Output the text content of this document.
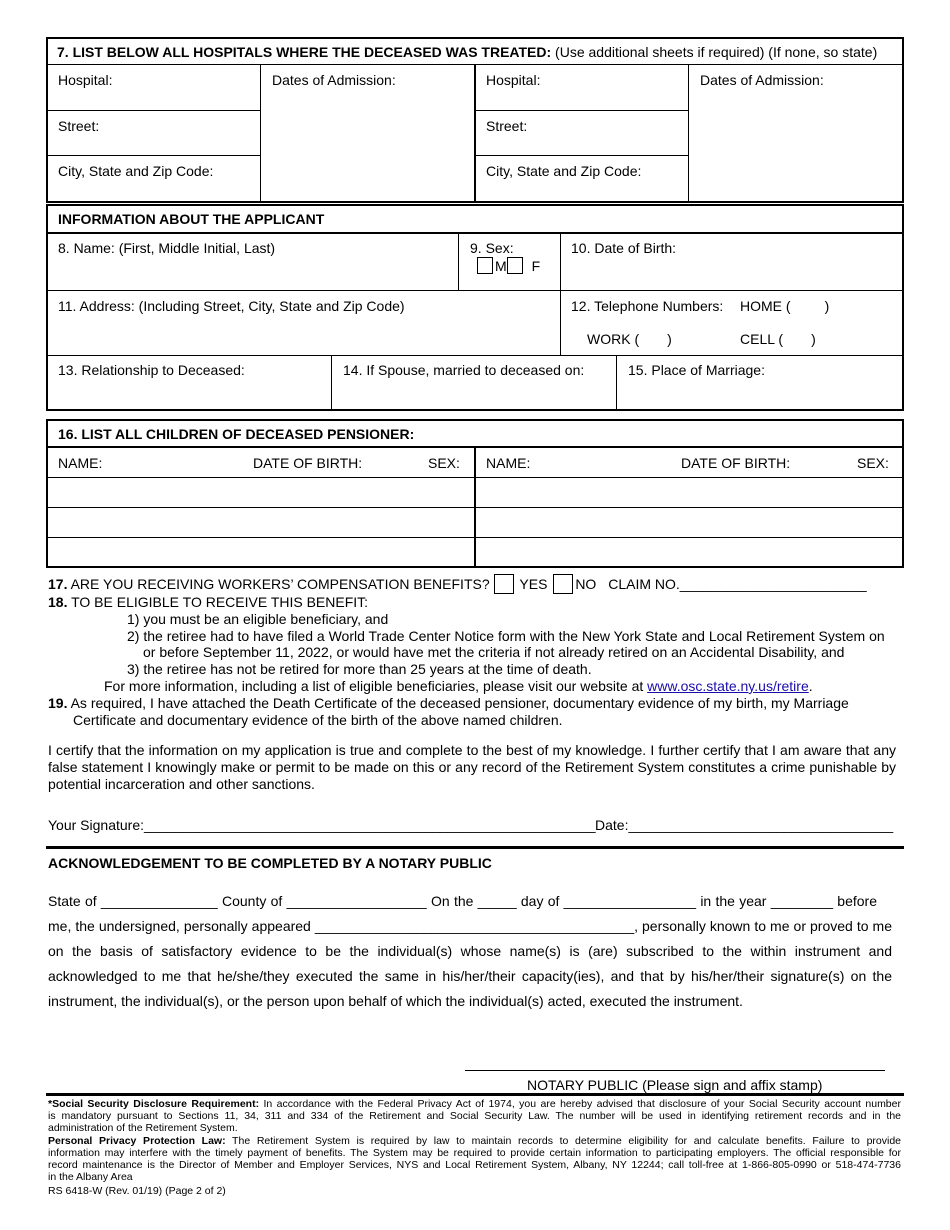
7. LIST BELOW ALL HOSPITALS WHERE THE DECEASED WAS TREATED: (Use additional sheets if required) (If none, so state)
Hospital:	Dates of Admission:	Hospital:	Dates of Admission:
Street:	Street:
City, State and Zip Code:	City, State and Zip Code:
INFORMATION ABOUT THE APPLICANT
8. Name: (First, Middle Initial, Last)	9. Sex:
M F
10. Date of Birth:
11. Address: (Including Street, City, State and Zip Code)	12. Telephone Numbers: HOME ( )
WORK ( )	CELL ( )
13. Relationship to Deceased:	14. If Spouse, married to deceased on:	15. Place of Marriage:
16. LIST ALL CHILDREN OF DECEASED PENSIONER:
NAME:	DATE OF BIRTH:	SEX: NAME:	DATE OF BIRTH:	SEX:
17. ARE YOU RECEIVING WORKERS’ COMPENSATION BENEFITS? YES NO CLAIM NO.________________________
18. TO BE ELIGIBLE TO RECEIVE THIS BENEFIT:
1) you must be an eligible beneficiary, and
2) the retiree had to have filed a World Trade Center Notice form with the New York State and Local Retirement System on
or before September 11, 2022, or would have met the criteria if not already retired on an Accidental Disability, and
3) the retiree has not be retired for more than 25 years at the time of death.
For more information, including a list of eligible beneficiaries, please visit our website at www.osc.state.ny.us/retire.
19. As required, I have attached the Death Certificate of the deceased pensioner, documentary evidence of my birth, my Marriage
Certificate and documentary evidence of the birth of the above named children.
I certify that the information on my application is true and complete to the best of my knowledge. I further certify that I am aware that any
false statement I knowingly make or permit to be made on this or any record of the Retirement System constitutes a crime punishable by
potential incarceration and other sanctions.
Your Signature:__________________________________________________________ Date:__________________________________
ACKNOWLEDGEMENT TO BE COMPLETED BY A NOTARY PUBLIC
State of _______________ County of __________________ On the _____ day of _________________ in the year ________ before
me, the undersigned, personally appeared _________________________________________, personally known to me or proved to me
on the basis of satisfactory evidence to be the individual(s) whose name(s) is (are) subscribed to the within instrument and
acknowledged to me that he/she/they executed the same in his/her/their capacity(ies), and that by his/her/their signature(s) on the
instrument, the individual(s), or the person upon behalf of which the individual(s) acted, executed the instrument.
NOTARY PUBLIC (Please sign and affix stamp)
*Social Security Disclosure Requirement: In accordance with the Federal Privacy Act of 1974, you are hereby advised that disclosure of your Social Security account number
is mandatory pursuant to Sections 11, 34, 311 and 334 of the Retirement and Social Security Law. The number will be used in identifying retirement records and in the
administration of the Retirement System.
Personal Privacy Protection Law: The Retirement System is required by law to maintain records to determine eligibility for and calculate benefits. Failure to provide
information may interfere with the timely payment of benefits. The System may be required to provide certain information to participating employers. The official responsible for
record maintenance is the Director of Member and Employer Services, NYS and Local Retirement System, Albany, NY 12244; call toll-free at 1-866-805-0990 or 518-474-7736
in the Albany Area
RS 6418-W (Rev. 01/19) (Page 2 of 2)
